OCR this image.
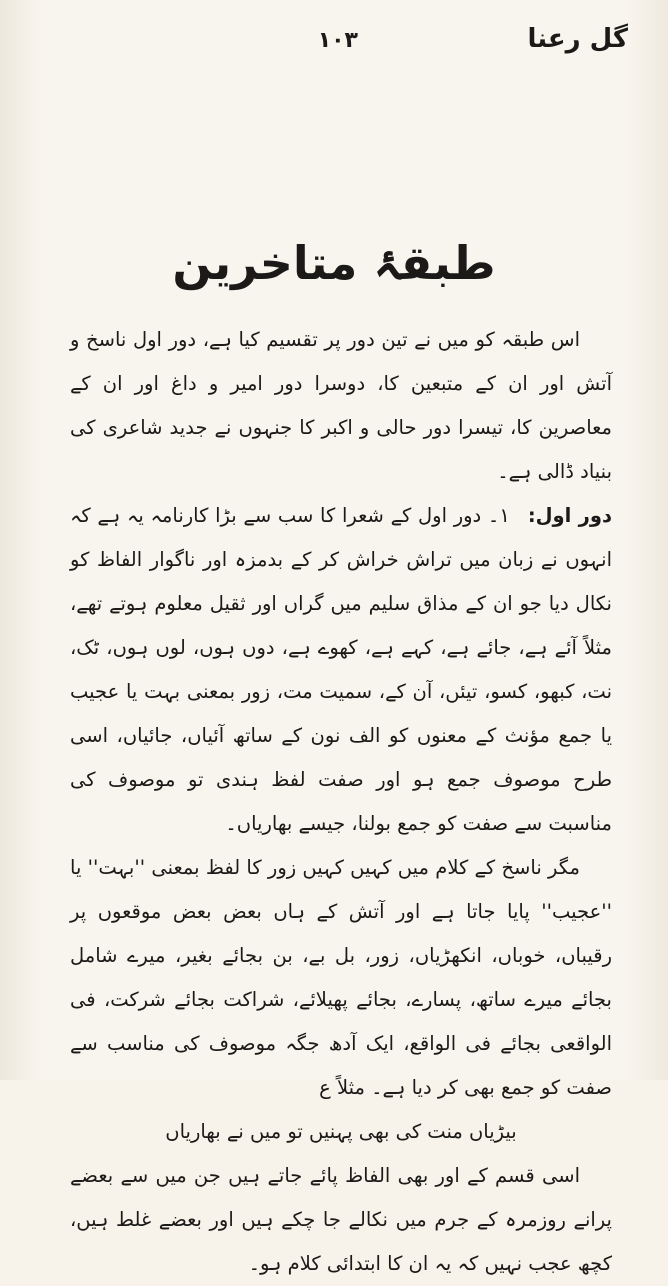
گل رعنا
۱۰۳
طبقۂ متاخرین

اس طبقہ کو میں نے تین دور پر تقسیم کیا ہے، دور اول ناسخ و آتش اور ان کے متبعین کا، دوسرا دور امیر و داغ اور ان کے معاصرین کا، تیسرا دور حالی و اکبر کا جنہوں نے جدید شاعری کی بنیاد ڈالی ہے۔

دور اول:۱۔ دور اول کے شعرا کا سب سے بڑا کارنامہ یہ ہے کہ انہوں نے زبان میں تراش خراش کر کے بدمزہ اور ناگوار الفاظ کو نکال دیا جو ان کے مذاق سلیم میں گراں اور ثقیل معلوم ہوتے تھے، مثلاً آئے ہے، جائے ہے، کہے ہے، کھوے ہے، دوں ہوں، لوں ہوں، ٹک، نت، کبھو، کسو، تیئں، آن کے، سمیت مت، زور بمعنی بہت یا عجیب یا جمع مؤنث کے معنوں کو الف نون کے ساتھ آئیاں، جائیاں، اسی طرح موصوف جمع ہو اور صفت لفظ ہندی تو موصوف کی مناسبت سے صفت کو جمع بولنا، جیسے بھاریاں۔

مگر ناسخ کے کلام میں کہیں کہیں زور کا لفظ بمعنی ''بہت'' یا ''عجیب'' پایا جاتا ہے اور آتش کے ہاں بعض بعض موقعوں پر رقیباں، خوباں، انکھڑیاں، زور، بل بے، بن بجائے بغیر، میرے شامل بجائے میرے ساتھ، پسارے، بجائے پھیلائے، شراکت بجائے شرکت، فی الواقعی بجائے فی الواقع، ایک آدھ جگہ موصوف کی مناسب سے صفت کو جمع بھی کر دیا ہے۔ مثلاً ع

بیڑیاں منت کی بھی پہنیں تو میں نے بھاریاں

اسی قسم کے اور بھی الفاظ پائے جاتے ہیں جن میں سے بعضے پرانے روزمرہ کے جرم میں نکالے جا چکے ہیں اور بعضے غلط ہیں، کچھ عجب نہیں کہ یہ ان کا ابتدائی کلام ہو۔
